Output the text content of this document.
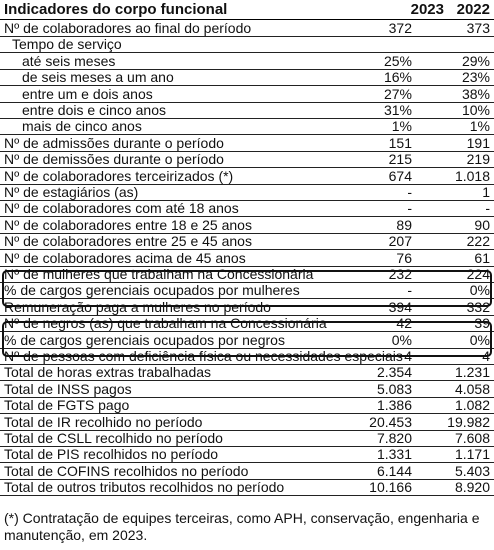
Indicadores do corpo funcional	2023 2022
Nº de colaboradores ao final do período	372	373
Tempo de serviço
até seis meses	25%	29%
de seis meses a um ano	16%	23%
entre um e dois anos	27%	38%
entre dois e cinco anos	31%	10%
mais de cinco anos	1%	1%
Nº de admissões durante o período	151	191
Nº de demissões durante o período	215	219
Nº de colaboradores terceirizados (*)	674	1.018
Nº de estagiários (as)	-	1
Nº de colaboradores com até 18 anos	-	-
Nº de colaboradores entre 18 e 25 anos	89	90
Nº de colaboradores entre 25 e 45 anos	207	222
Nº de colaboradores acima de 45 anos	76	61
Nº de mulheres que trabalham na Concessionária	232	224
% de cargos gerenciais ocupados por mulheres	-	0%
Remuneração paga a mulheres no período	394	332
Nº de negros (as) que trabalham na Concessionária	42	39
% de cargos gerenciais ocupados por negros	0%	0%
Nº de pessoas com deficiência física ou necessidades especiais 4	4
Total de horas extras trabalhadas	2.354	1.231
Total de INSS pagos	5.083	4.058
Total de FGTS pago	1.386	1.082
Total de IR recolhido no período	20.453	19.982
Total de CSLL recolhido no período	7.820	7.608
Total de PIS recolhidos no período	1.331	1.171
Total de COFINS recolhidos no período	6.144	5.403
Total de outros tributos recolhidos no período	10.166	8.920
(*) Contratação de equipes terceiras, como APH, conservação, engenharia e manutenção, em 2023.
